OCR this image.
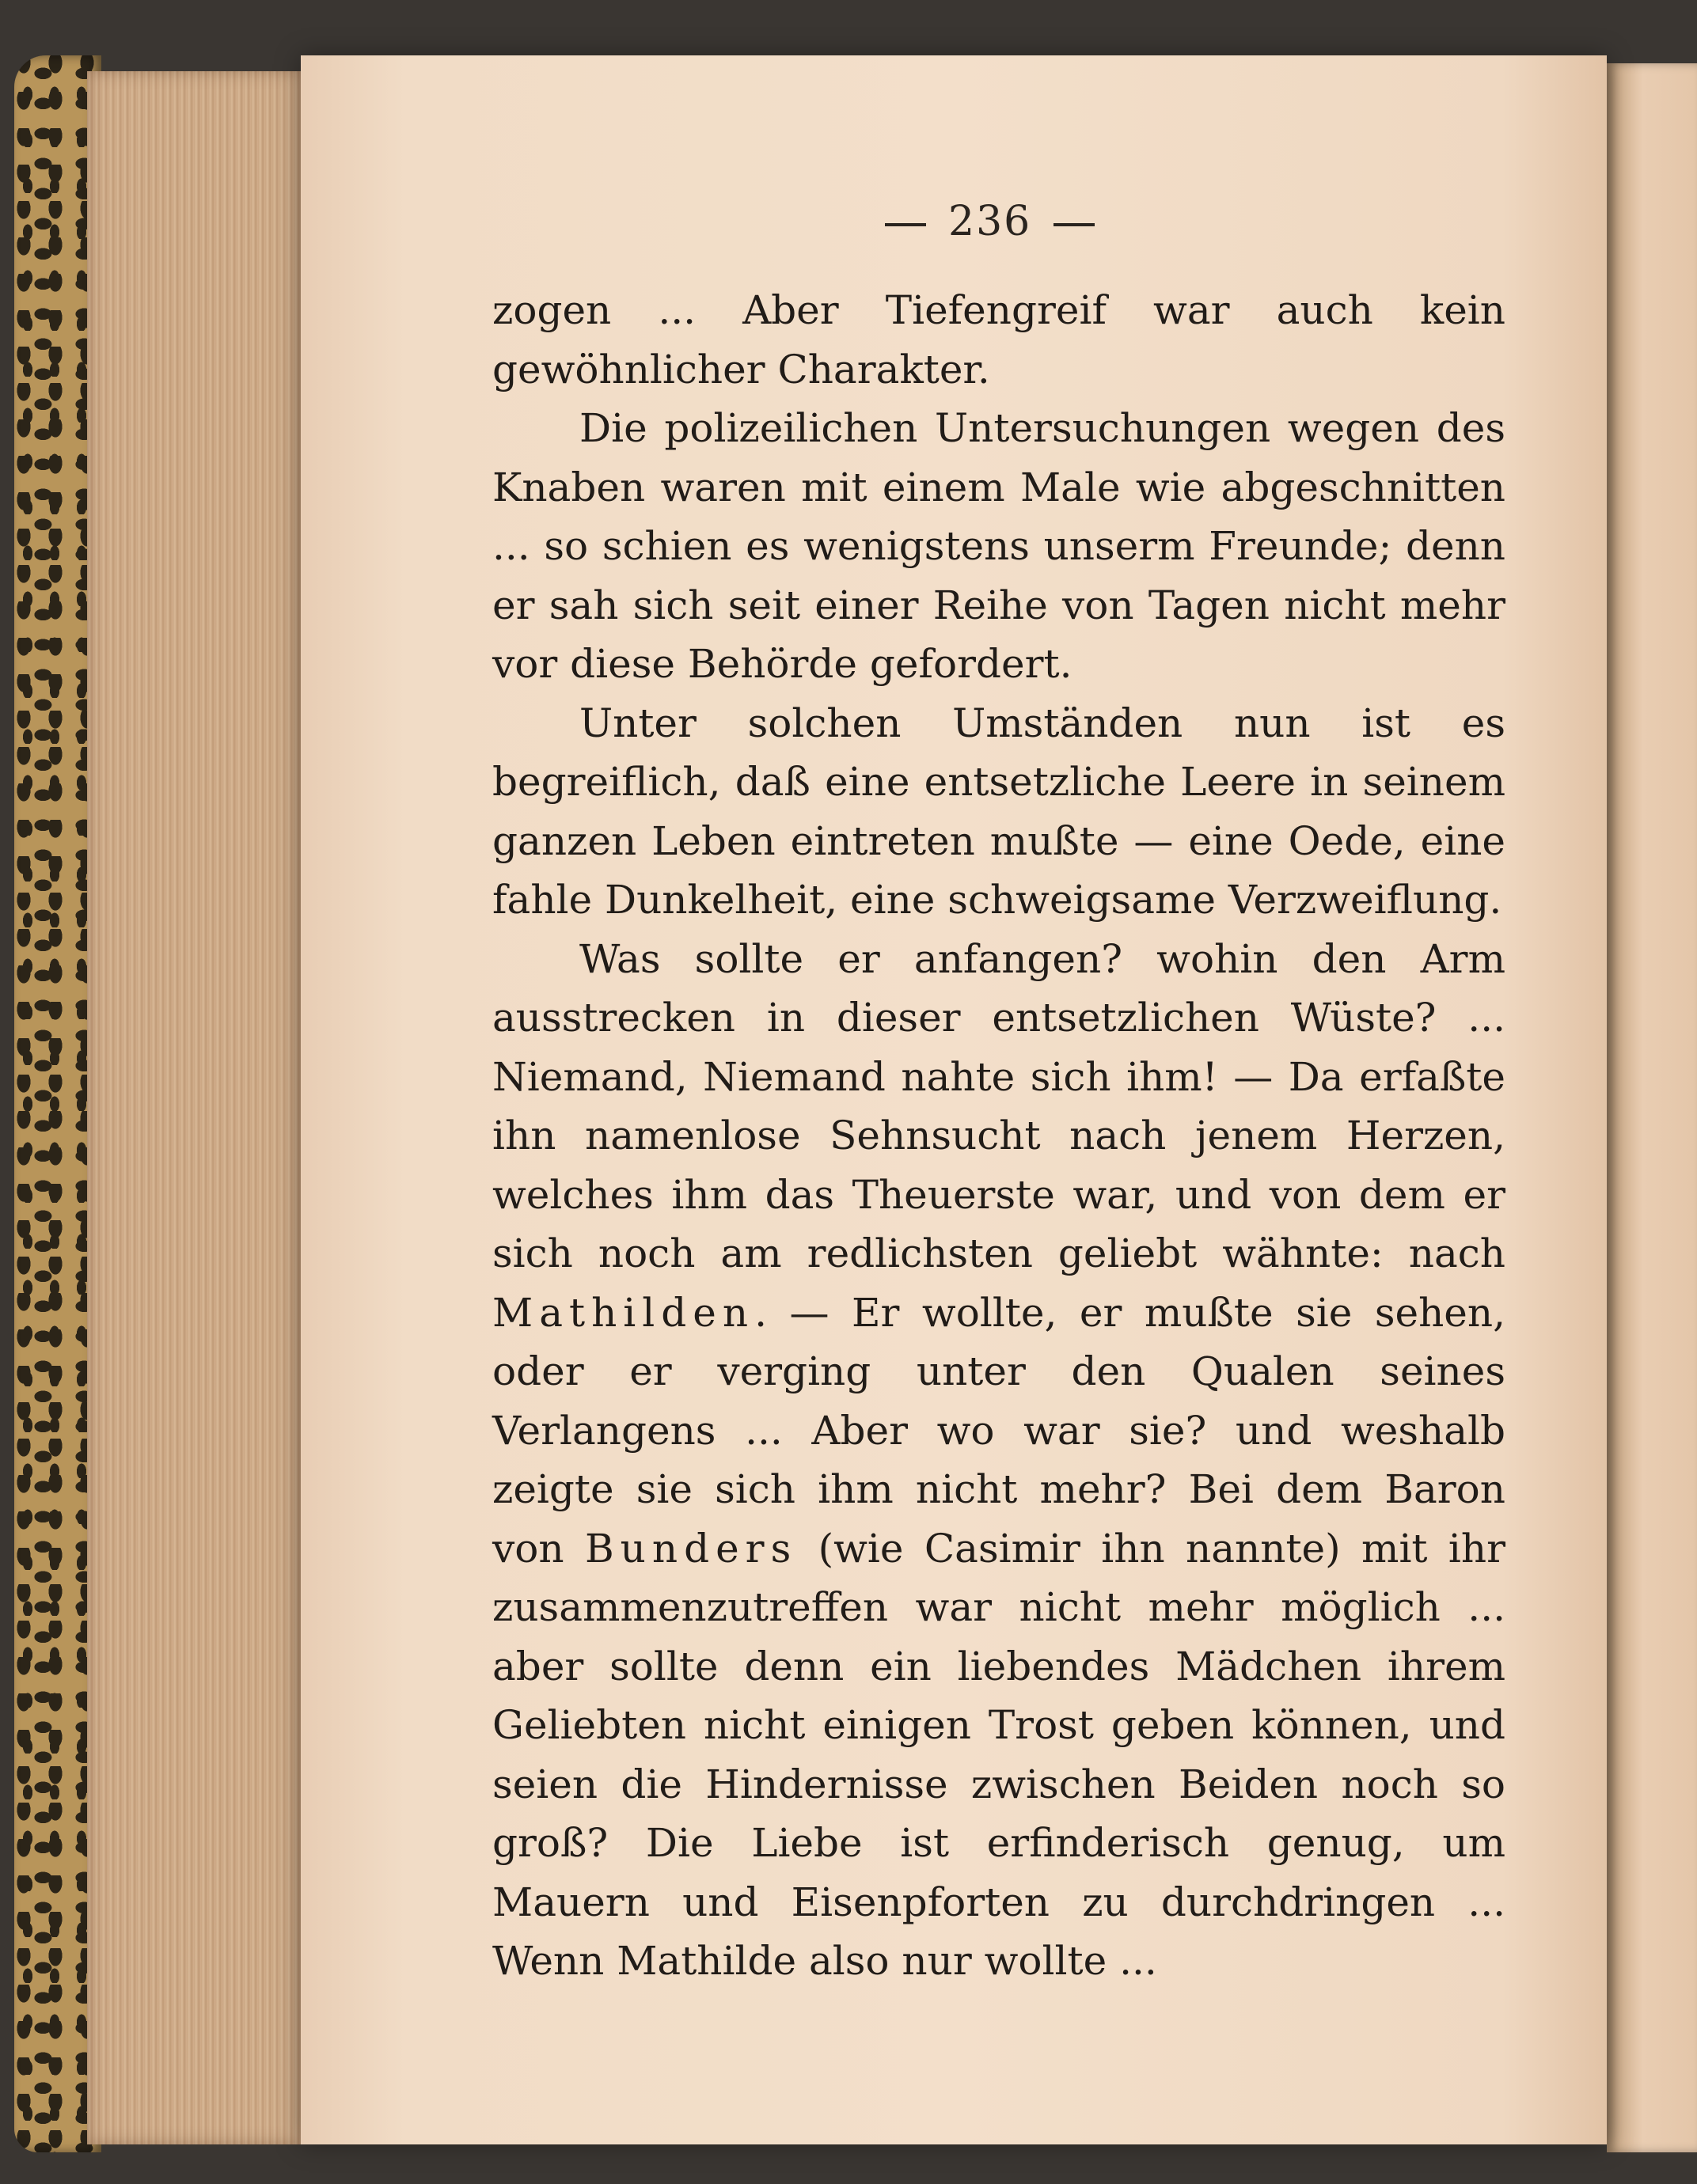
236

zogen ... Aber Tiefengreif war auch kein gewöhnlicher Charakter.

Die polizeilichen Untersuchungen wegen des Knaben waren mit einem Male wie abgeschnitten ... so schien es wenigstens unserm Freunde; denn er sah sich seit einer Reihe von Tagen nicht mehr vor diese Behörde gefordert.

Unter solchen Umständen nun ist es begreiflich, daß eine entsetzliche Leere in seinem ganzen Leben eintreten mußte — eine Oede, eine fahle Dunkelheit, eine schweigsame Verzweiflung.

Was sollte er anfangen? wohin den Arm ausstrecken in dieser entsetzlichen Wüste? ... Niemand, Niemand nahte sich ihm! — Da erfaßte ihn namenlose Sehnsucht nach jenem Herzen, welches ihm das Theuerste war, und von dem er sich noch am redlichsten geliebt wähnte: nach Mathilden. — Er wollte, er mußte sie sehen, oder er verging unter den Qualen seines Verlangens ... Aber wo war sie? und weshalb zeigte sie sich ihm nicht mehr? Bei dem Baron von Bunders (wie Casimir ihn nannte) mit ihr zusammenzutreffen war nicht mehr möglich ... aber sollte denn ein liebendes Mädchen ihrem Geliebten nicht einigen Trost geben können, und seien die Hindernisse zwischen Beiden noch so groß? Die Liebe ist erfinderisch genug, um Mauern und Eisenpforten zu durchdringen ... Wenn Mathilde also nur wollte ...
